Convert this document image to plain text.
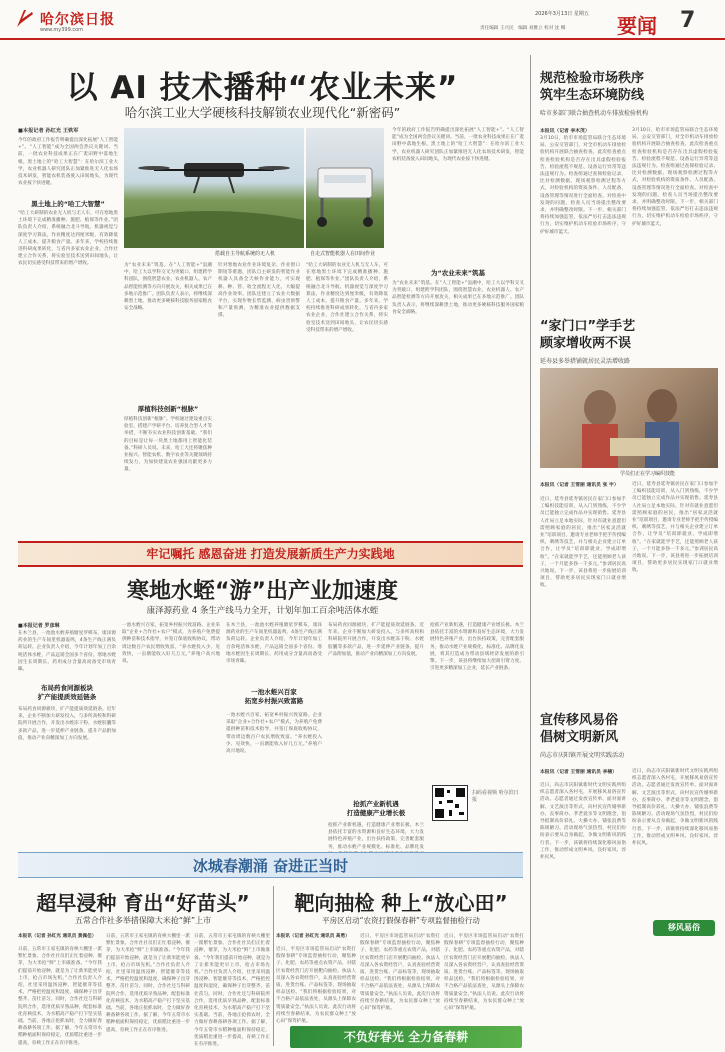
哈尔滨日报
www.my399.com
2026年3月13日 星期五
责任编辑 王兴民　编辑 刘雅立 校对 沈 娜	要闻 7
以 AI 技术播种“农业未来”
哈尔滨工业大学硬核科技解锁农业现代化“新密码”
■本报记者 孙红光 王铁军
今年的政府工作报告明确提出深化拓展“人工智能+”。“人工智能”成为全国两会热议关键词。当前，一批农业科技成果正在广袤田野中落地生根。黑土地上的“哈工大智慧”：在哈尔滨工业大学，农业机器人研究团队正加紧推进无人化农场技术研发，智能农机装备驶入田间地头，为现代农业按下快进键。
黑土地上的“哈工大智慧”
“哈工大研制的农业无人机与无人车，可在寒地黑土环境下完成精准播种、施肥、植保等作业。”团队负责人介绍，系统融合北斗导航、机器视觉与深度学习算法，作业精度达到厘米级，有效降低人工成本，提升粮食产量。多年来，学校持续推进科研成果转化，与省内多家农业企业、合作社建立合作关系，将实验室技术送到田间地头，让农民切实感受科技带来的增产增收。
搭载自主导航系统的无人机	自走式智能机器人在田间作业
为“农业未来”筑基。在“人工智能+”浪潮中，哈工大以学科交叉为突破口，组建跨学科团队，围绕智慧农业、农业机器人、农产品智能检测等方向开展攻关，相关成果已在多地示范推广。团队负责人表示，将继续深耕黑土地，推动更多硬核科技服务国家粮食安全战略。
厚植科技创新“根脉”
厚植科技创新“根脉”。学校通过建设重点实验室、搭建产学研平台、培养复合型人才等举措，不断夯实农业科技创新基础。“我们的目标是让每一块黑土地都用上智能化装备。”科研人员说。未来，哈工大还将聚焦种业振兴、智能农机、数字农业等关键领域持续发力，为加快建设农业强国贡献更多力量。
针对寒地农业作业环境复杂、作业窗口期短等难题，团队自主研发的智能作业机器人具备全天候作业能力，可实现耕、种、管、收全流程无人化，大幅提高作业效率。团队还建立了农业大数据平台，实现作物长势监测、病虫害预警和产量预测，为精准农业提供数据支撑。
“哈工大研制的农业无人机与无人车，可在寒地黑土环境下完成精准播种、施肥、植保等作业。”团队负责人介绍，系统融合北斗导航、机器视觉与深度学习算法，作业精度达到厘米级，有效降低人工成本，提升粮食产量。多年来，学校持续推进科研成果转化，与省内多家农业企业、合作社建立合作关系，将实验室技术送到田间地头，让农民切实感受科技带来的增产增收。
今年的政府工作报告明确提出深化拓展“人工智能+”。“人工智能”成为全国两会热议关键词。当前，一批农业科技成果正在广袤田野中落地生根。黑土地上的“哈工大智慧”：在哈尔滨工业大学，农业机器人研究团队正加紧推进无人化农场技术研发，智能农机装备驶入田间地头，为现代农业按下快进键。
为“农业未来”筑基
为“农业未来”筑基。在“人工智能+”浪潮中，哈工大以学科交叉为突破口，组建跨学科团队，围绕智慧农业、农业机器人、农产品智能检测等方向开展攻关，相关成果已在多地示范推广。团队负责人表示，将继续深耕黑土地，推动更多硬核科技服务国家粮食安全战略。
规范检验市场秩序
筑牢生态环境防线
哈市多部门联合抽查机动车排放检验机构
本报讯（记者 李木茂）
3月10日，哈市市场监管局联合生态环境局、公安交管部门，对全市机动车排放检验机构开展联合抽查检查。此次检查重点检查检验机构是否存在出具虚假检验报告、检验流程不规范、设备运行异常等违法违规行为。检查组通过查阅检验记录、比对检测数据、现场观察检测过程等方式，对检验机构的资质条件、人员配备、设备管理等情况进行全面检查。对检查中发现的问题，检查人员当场提出整改要求，并明确整改时限。下一步，相关部门将持续加强监管，依法严厉打击违法违规行为，切实维护机动车检验市场秩序，守护好城市蓝天。
3月10日，哈市市场监管局联合生态环境局、公安交管部门，对全市机动车排放检验机构开展联合抽查检查。此次检查重点检查检验机构是否存在出具虚假检验报告、检验流程不规范、设备运行异常等违法违规行为。检查组通过查阅检验记录、比对检测数据、现场观察检测过程等方式，对检验机构的资质条件、人员配备、设备管理等情况进行全面检查。对检查中发现的问题，检查人员当场提出整改要求，并明确整改时限。下一步，相关部门将持续加强监管，依法严厉打击违法违规行为，切实维护机动车检验市场秩序，守护好城市蓝天。
“家门口”学手艺
顾家增收两不误
延寿县多举措铺就居民灵活增收路
学员们正在学习编织技能
本报讯（记者 王雪丽 通讯员 张 宇）
近日，延寿县延寿镇居民在家门口参加手工编织技能培训，从入门到熟练，不少学员已能独立完成作品并实现销售。延寿县人社局立足本地实际，针对有就业意愿但需照顾家庭的居民，推出“居家灵活就业”培训项目，邀请专业老师手把手传授编织、刺绣等技艺，并与相关企业建立订单合作，让学员“培训即就业、学成即增收”。“在家就能学手艺，还能照顾老人孩子，一个月能多挣一千多元。”参训居民高兴地说。下一步，该县将进一步拓展培训项目，帮助更多居民实现家门口就业增收。
近日，延寿县延寿镇居民在家门口参加手工编织技能培训，从入门到熟练，不少学员已能独立完成作品并实现销售。延寿县人社局立足本地实际，针对有就业意愿但需照顾家庭的居民，推出“居家灵活就业”培训项目，邀请专业老师手把手传授编织、刺绣等技艺，并与相关企业建立订单合作，让学员“培训即就业、学成即增收”。“在家就能学手艺，还能照顾老人孩子，一个月能多挣一千多元。”参训居民高兴地说。下一步，该县将进一步拓展培训项目，帮助更多居民实现家门口就业增收。
宣传移风易俗
倡树文明新风
尚志市庆阳镇开展文明实践活动
本报讯（记者 王雪丽 通讯员 李楠）
近日，尚志市庆阳镇新时代文明实践所组织志愿者深入各村屯，开展移风易俗宣传活动。志愿者通过发放宣传单、面对面讲解、文艺演出等形式，向村民宣传婚事新办、丧事简办、孝老爱亲等文明理念，倡导抵制高价彩礼、大操大办、铺张浪费等陈规陋习。活动现场气氛热烈，村民们纷纷表示要从自身做起，争做文明新风的践行者。下一步，该镇将持续深化移风易俗工作，推动形成文明乡风、良好家风、淳朴民风。
近日，尚志市庆阳镇新时代文明实践所组织志愿者深入各村屯，开展移风易俗宣传活动。志愿者通过发放宣传单、面对面讲解、文艺演出等形式，向村民宣传婚事新办、丧事简办、孝老爱亲等文明理念，倡导抵制高价彩礼、大操大办、铺张浪费等陈规陋习。活动现场气氛热烈，村民们纷纷表示要从自身做起，争做文明新风的践行者。下一步，该镇将持续深化移风易俗工作，推动形成文明乡风、良好家风、淳朴民风。
移风易俗
牢记嘱托 感恩奋进 打造发展新质生产力实践地
寒地水蛭“游”出产业加速度
康泽源药业 4 条生产线马力全开，计划年加工百余吨活体水蛭
■本报记者 罗彦琳
在木兰县，一池池水蛭养殖塘星罗棋布，康泽源药业的生产车间里机器轰鸣，4条生产线正满负荷运转。企业负责人介绍，今年计划年加工百余吨活体水蛭，产品远销全国多个省份。寒地水蛭因生长周期长、药用成分含量高而备受市场青睐。
布局药食同源板块
扩产能提质效延链条
布局药食同源板块，扩产能提质效延链条。近年来，企业不断加大研发投入，与多所高校和科研院所开展合作，开发出水蛭冻干粉、水蛭胶囊等多款产品，进一步延伸产业链条，提升产品附加值，推动产业向精深加工方向发展。
一池水蛭兴百家，拓宽乡村振兴致富路。企业采取“企业+合作社+农户”模式，为养殖户免费提供种苗和技术指导，并签订保底收购协议，带动周边数百户农民增收致富。“养水蛭投入少、见效快，一亩塘能收入好几万元。”养殖户高兴地说。
在木兰县，一池池水蛭养殖塘星罗棋布，康泽源药业的生产车间里机器轰鸣，4条生产线正满负荷运转。企业负责人介绍，今年计划年加工百余吨活体水蛭，产品远销全国多个省份。寒地水蛭因生长周期长、药用成分含量高而备受市场青睐。
一池水蛭兴百家
拓宽乡村振兴致富路
一池水蛭兴百家，拓宽乡村振兴致富路。企业采取“企业+合作社+农户”模式，为养殖户免费提供种苗和技术指导，并签订保底收购协议，带动周边数百户农民增收致富。“养水蛭投入少、见效快，一亩塘能收入好几万元。”养殖户高兴地说。
布局药食同源板块，扩产能提质效延链条。近年来，企业不断加大研发投入，与多所高校和科研院所开展合作，开发出水蛭冻干粉、水蛭胶囊等多款产品，进一步延伸产业链条，提升产品附加值，推动产业向精深加工方向发展。
抢抓产业新机遇
打造健康产业增长极
抢抓产业新机遇，打造健康产业增长极。木兰县依托丰富的水资源和良好生态环境，大力发展特色养殖产业，出台扶持政策，完善配套服务，推动水蛭产业规模化、标准化、品牌化发
抢抓产业新机遇，打造健康产业增长极。木兰县依托丰富的水资源和良好生态环境，大力发展特色养殖产业，出台扶持政策，完善配套服务，推动水蛭产业规模化、标准化、品牌化发展，将其打造成为带动县域经济发展的新引擎。下一步，该县将继续加大招商引资力度，引进更多精深加工企业，延长产业链条。
扫码看视频 哈尔滨日报
冰城春潮涌 奋进正当时
超早浸种 育出“好苗头”
五常合作社多举措保障大米抢“鲜”上市
本报讯（记者 孙红光 通讯员 黄佩佳）
日前，五常市王家屯镇的育秧大棚里一派繁忙景象。合作社社员们正忙着浸种、催芽，为大米抢“鲜”上市做准备。“今年我们提前开始浸种，就是为了让新米能更早上市，抢占市场先机。”合作社负责人介绍，社里采用温汤浸种、智能催芽等技术，严格把控温度和湿度，确保种子出芽整齐、苗壮苗匀。同时，合作社还与科研院所合作，选用优质早熟品种，配套标准化育秧技术，为水稻高产稳产打下坚实基础。当前，各地正抢抓农时，全力做好春耕备耕各项工作。据了解，今年五常市水稻种植面积保持稳定，优质稻比重进一步提高，育秧工作正在有序推进。
日前，五常市王家屯镇的育秧大棚里一派繁忙景象。合作社社员们正忙着浸种、催芽，为大米抢“鲜”上市做准备。“今年我们提前开始浸种，就是为了让新米能更早上市，抢占市场先机。”合作社负责人介绍，社里采用温汤浸种、智能催芽等技术，严格把控温度和湿度，确保种子出芽整齐、苗壮苗匀。同时，合作社还与科研院所合作，选用优质早熟品种，配套标准化育秧技术，为水稻高产稳产打下坚实基础。当前，各地正抢抓农时，全力做好春耕备耕各项工作。据了解，今年五常市水稻种植面积保持稳定，优质稻比重进一步提高，育秧工作正在有序推进。
日前，五常市王家屯镇的育秧大棚里一派繁忙景象。合作社社员们正忙着浸种、催芽，为大米抢“鲜”上市做准备。“今年我们提前开始浸种，就是为了让新米能更早上市，抢占市场先机。”合作社负责人介绍，社里采用温汤浸种、智能催芽等技术，严格把控温度和湿度，确保种子出芽整齐、苗壮苗匀。同时，合作社还与科研院所合作，选用优质早熟品种，配套标准化育秧技术，为水稻高产稳产打下坚实基础。当前，各地正抢抓农时，全力做好春耕备耕各项工作。据了解，今年五常市水稻种植面积保持稳定，优质稻比重进一步提高，育秧工作正在有序推进。
靶向抽检 种上“放心田”
平房区启动“农资打假保春耕”专项监督抽检行动
本报讯（记者 孙红光 通讯员 高勇）
近日，平房区市场监管局启动“农资打假保春耕”专项监督抽检行动，聚焦种子、化肥、农药等重点农资产品，对辖区农资经营门店开展靶向抽检。执法人员深入各农资经营户，认真查验经营资质、进货台账、产品标签等，现场抽取样品送检。“我们将根据检验结果，对不合格产品依法查处，从源头上保障农资质量安全。”执法人员说。此次行动将持续至春耕结束，为农民群众种上“放心田”保驾护航。
近日，平房区市场监管局启动“农资打假保春耕”专项监督抽检行动，聚焦种子、化肥、农药等重点农资产品，对辖区农资经营门店开展靶向抽检。执法人员深入各农资经营户，认真查验经营资质、进货台账、产品标签等，现场抽取样品送检。“我们将根据检验结果，对不合格产品依法查处，从源头上保障农资质量安全。”执法人员说。此次行动将持续至春耕结束，为农民群众种上“放心田”保驾护航。
近日，平房区市场监管局启动“农资打假保春耕”专项监督抽检行动，聚焦种子、化肥、农药等重点农资产品，对辖区农资经营门店开展靶向抽检。执法人员深入各农资经营户，认真查验经营资质、进货台账、产品标签等，现场抽取样品送检。“我们将根据检验结果，对不合格产品依法查处，从源头上保障农资质量安全。”执法人员说。此次行动将持续至春耕结束，为农民群众种上“放心田”保驾护航。
不负好春光 全力备春耕
